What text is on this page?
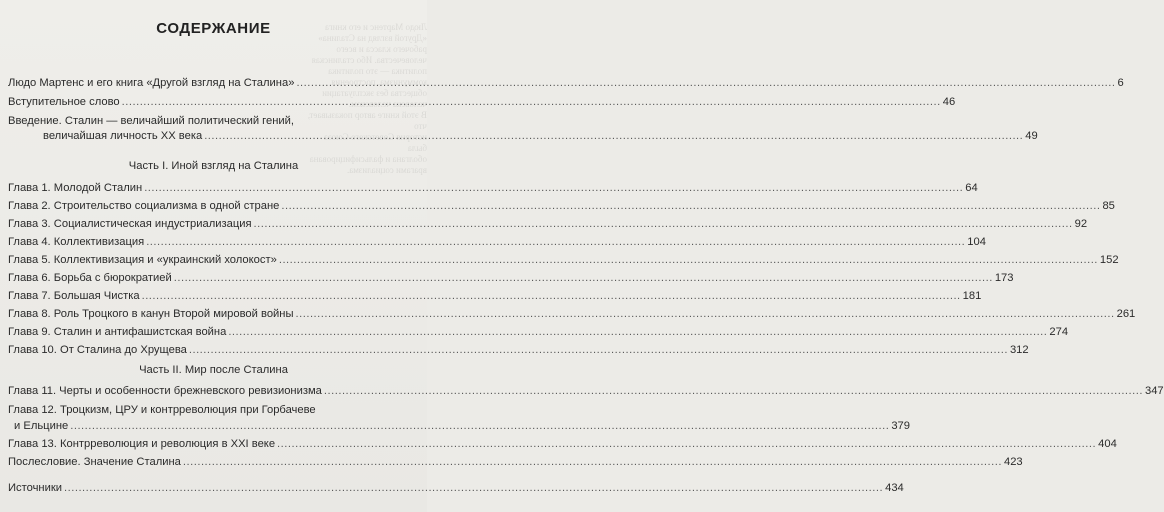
Людо Мартенс и его книга «Другой взгляд на Сталина»
рабочего класса и всего человечества. Ибо сталинская
политика — это политика коммунизма, построения
общества без эксплуатации человека человеком.
В этой книге автор показывает, что
история Советского Союза была
оболгана и фальсифицирована
врагами социализма.

СОДЕРЖАНИЕ
Людо Мартенс и его книга «Другой взгляд на Сталина» .....	6
Вступительное слово .....	46
Введение. Сталин — величайший политический гений,
величайшая личность XX века .....	49
Часть I. Иной взгляд на Сталина
Глава 1. Молодой Сталин .....	64
Глава 2. Строительство социализма в одной стране .....	85
Глава 3. Социалистическая индустриализация .....	92
Глава 4. Коллективизация .....	104
Глава 5. Коллективизация и «украинский холокост» .....	152
Глава 6. Борьба с бюрократией .....	173
Глава 7. Большая Чистка .....	181
Глава 8. Роль Троцкого в канун Второй мировой войны .....	261
Глава 9. Сталин и антифашистская война .....	274
Глава 10. От Сталина до Хрущева .....	312
Часть II. Мир после Сталина
Глава 11. Черты и особенности брежневского ревизионизма .....	347
Глава 12. Троцкизм, ЦРУ и контрреволюция при Горбачеве
и Ельцине .....	379
Глава 13. Контрреволюция и революция в XXI веке .....	404
Послесловие. Значение Сталина .....	423
Источники .....	434
